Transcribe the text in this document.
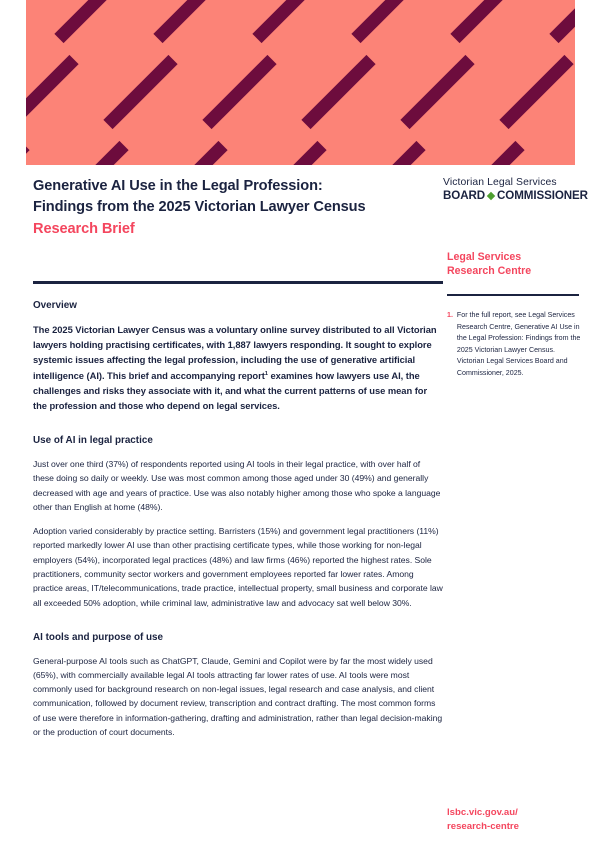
Generative AI Use in the Legal Profession:
Findings from the 2025 Victorian Lawyer Census
Research Brief
Victorian Legal Services
BOARD COMMISSIONER
Legal Services
Research Centre
1. For the full report, see Legal Services Research Centre, Generative AI Use in the Legal Profession: Findings from the 2025 Victorian Lawyer Census. Victorian Legal Services Board and Commissioner, 2025.
Overview

The 2025 Victorian Lawyer Census was a voluntary online survey distributed to all Victorian lawyers holding practising certificates, with 1,887 lawyers responding. It sought to explore systemic issues affecting the legal profession, including the use of generative artificial intelligence (AI). This brief and accompanying report$^1$ examines how lawyers use AI, the challenges and risks they associate with it, and what the current patterns of use mean for the profession and those who depend on legal services.

Use of AI in legal practice

Just over one third (37%) of respondents reported using AI tools in their legal practice, with over half of these doing so daily or weekly. Use was most common among those aged under 30 (49%) and generally decreased with age and years of practice. Use was also notably higher among those who spoke a language other than English at home (48%).

Adoption varied considerably by practice setting. Barristers (15%) and government legal practitioners (11%) reported markedly lower AI use than other practising certificate types, while those working for non-legal employers (54%), incorporated legal practices (48%) and law firms (46%) reported the highest rates. Sole practitioners, community sector workers and government employees reported far lower rates. Among practice areas, IT/telecommunications, trade practice, intellectual property, small business and corporate law all exceeded 50% adoption, while criminal law, administrative law and advocacy sat well below 30%.

AI tools and purpose of use

General-purpose AI tools such as ChatGPT, Claude, Gemini and Copilot were by far the most widely used (65%), with commercially available legal AI tools attracting far lower rates of use. AI tools were most commonly used for background research on non-legal issues, legal research and case analysis, and client communication, followed by document review, transcription and contract drafting. The most common forms of use were therefore in information-gathering, drafting and administration, rather than legal decision-making or the production of court documents.

lsbc.vic.gov.au/
research-centre
